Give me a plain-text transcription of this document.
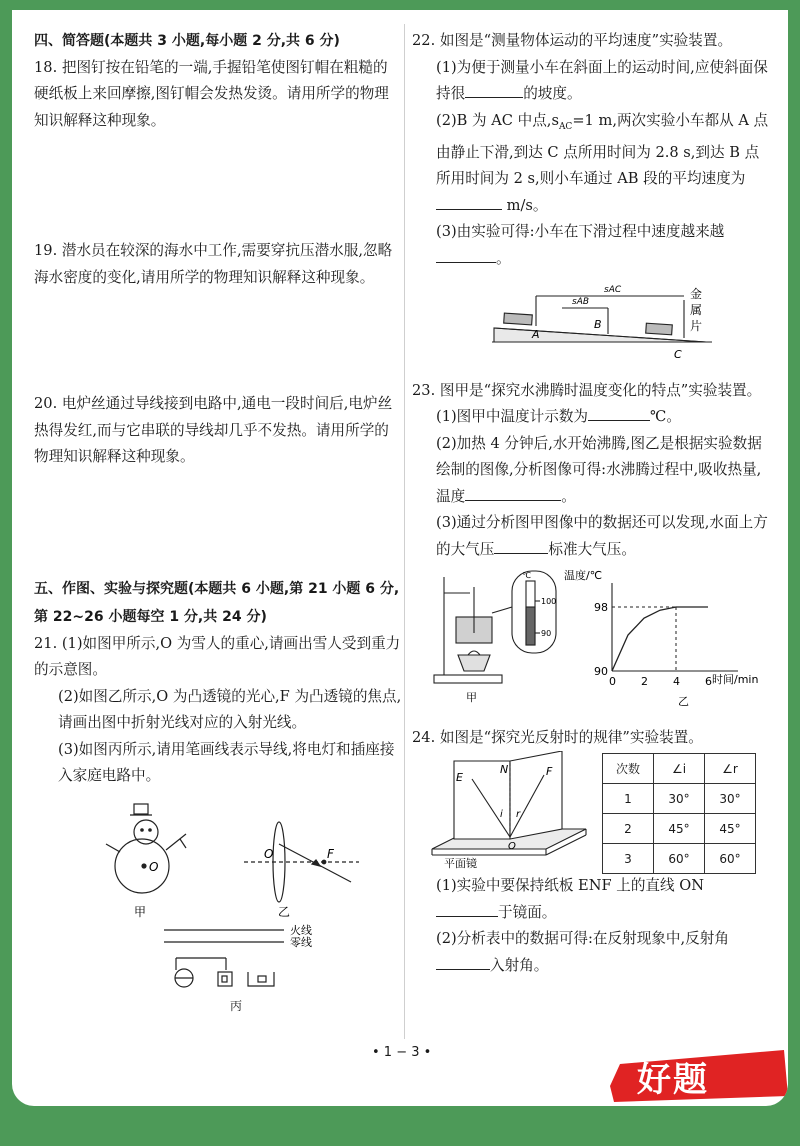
四、简答题(本题共 3 小题,每小题 2 分,共 6 分)

18. 把图钉按在铅笔的一端,手握铅笔使图钉帽在粗糙的硬纸板上来回摩擦,图钉帽会发热发烫。请用所学的物理知识解释这种现象。

19. 潜水员在较深的海水中工作,需要穿抗压潜水服,忽略海水密度的变化,请用所学的物理知识解释这种现象。

20. 电炉丝通过导线接到电路中,通电一段时间后,电炉丝热得发红,而与它串联的导线却几乎不发热。请用所学的物理知识解释这种现象。

五、作图、实验与探究题(本题共 6 小题,第 21 小题 6 分,第 22~26 小题每空 1 分,共 24 分)

21. (1)如图甲所示,O 为雪人的重心,请画出雪人受到重力的示意图。

(2)如图乙所示,O 为凸透镜的光心,F 为凸透镜的焦点,请画出图中折射光线对应的入射光线。

(3)如图丙所示,请用笔画线表示导线,将电灯和插座接入家庭电路中。

O
甲
O	F
乙
火线
零线
丙

22. 如图是“测量物体运动的平均速度”实验装置。

(1)为便于测量小车在斜面上的运动时间,应使斜面保持很	的坡度。

(2)B 为 AC 中点$,s_{AC}=1$ m,两次实验小车都从 A 点由静止下滑,到达 C 点所用时间为 2.8 s,到达 B 点所用时间为 2 s,则小车通过 AB 段的平均速度为 m/s。

(3)由实验可得:小车在下滑过程中速度越来越。

sAC
sAB
A
B
C
金
属
片

23. 图甲是“探究水沸腾时温度变化的特点”实验装置。

(1)图甲中温度计示数为	℃。

(2)加热 4 分钟后,水开始沸腾,图乙是根据实验数据绘制的图像,分析图像可得:水沸腾过程中,吸收热量,温度	。

(3)通过分析图甲图像中的数据还可以发现,水面上方的大气压	标准大气压。

℃
100
90
甲
0 2 4 6
90
98
温度/℃
时间/min
乙

24. 如图是“探究光反射时的规律”实验装置。

E
N	F
i r
O
平面镜
次数	∠i	∠r
1	30°	30°
2	45°	45°
3	60°	60°

(1)实验中要保持纸板 ENF 上的直线 ON
于镜面。

(2)分析表中的数据可得:在反射现象中,反射角入射角。

• 1 − 3 •
好题
